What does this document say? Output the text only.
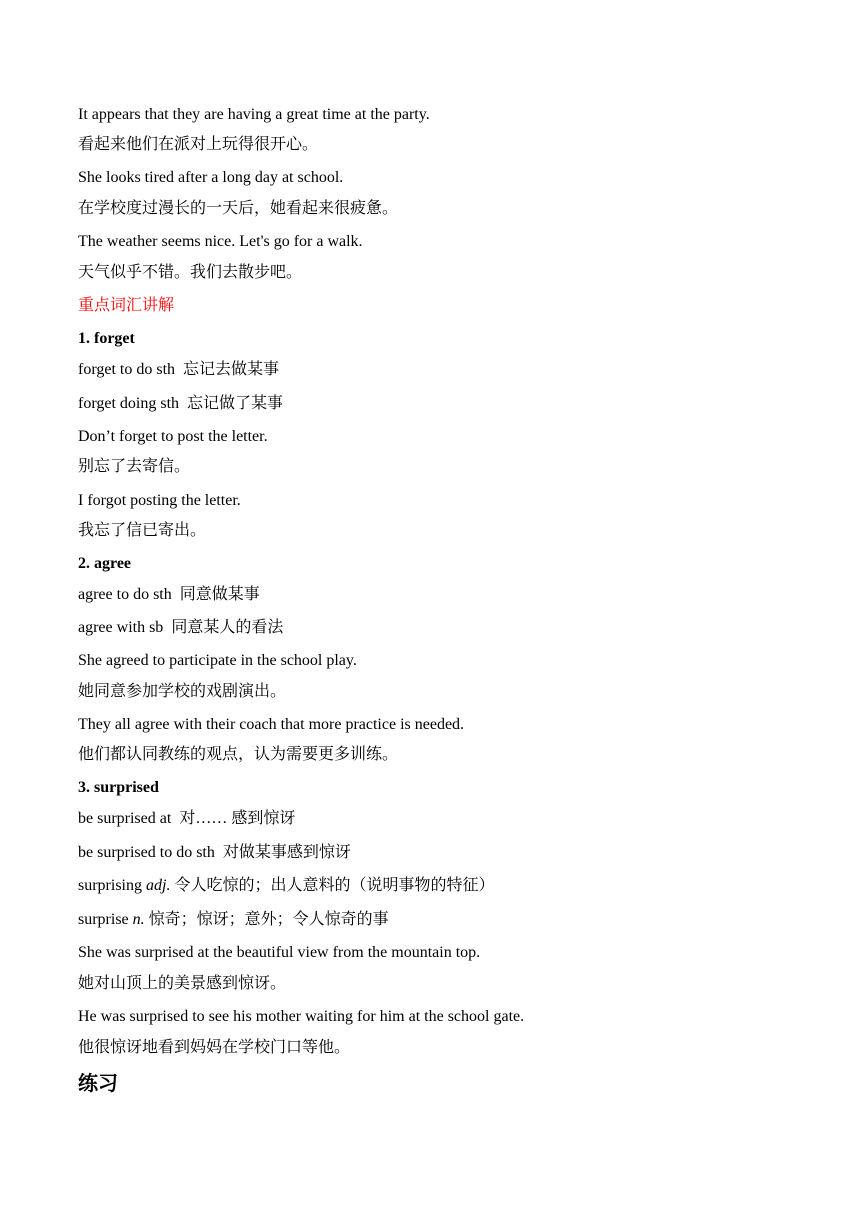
It appears that they are having a great time at the party.
看起来他们在派对上玩得很开心。
She looks tired after a long day at school.
在学校度过漫长的一天后，她看起来很疲惫。
The weather seems nice. Let's go for a walk.
天气似乎不错。我们去散步吧。
重点词汇讲解
1. forget
forget to do sth 忘记去做某事
forget doing sth 忘记做了某事
Don’t forget to post the letter.
别忘了去寄信。
I forgot posting the letter.
我忘了信已寄出。
2. agree
agree to do sth 同意做某事
agree with sb 同意某人的看法
She agreed to participate in the school play.
她同意参加学校的戏剧演出。
They all agree with their coach that more practice is needed.
他们都认同教练的观点，认为需要更多训练。
3. surprised
be surprised at 对…… 感到惊讶
be surprised to do sth 对做某事感到惊讶
surprising adj. 令人吃惊的；出人意料的（说明事物的特征）
surprise n. 惊奇；惊讶；意外；令人惊奇的事
She was surprised at the beautiful view from the mountain top.
她对山顶上的美景感到惊讶。
He was surprised to see his mother waiting for him at the school gate.
他很惊讶地看到妈妈在学校门口等他。
练习
